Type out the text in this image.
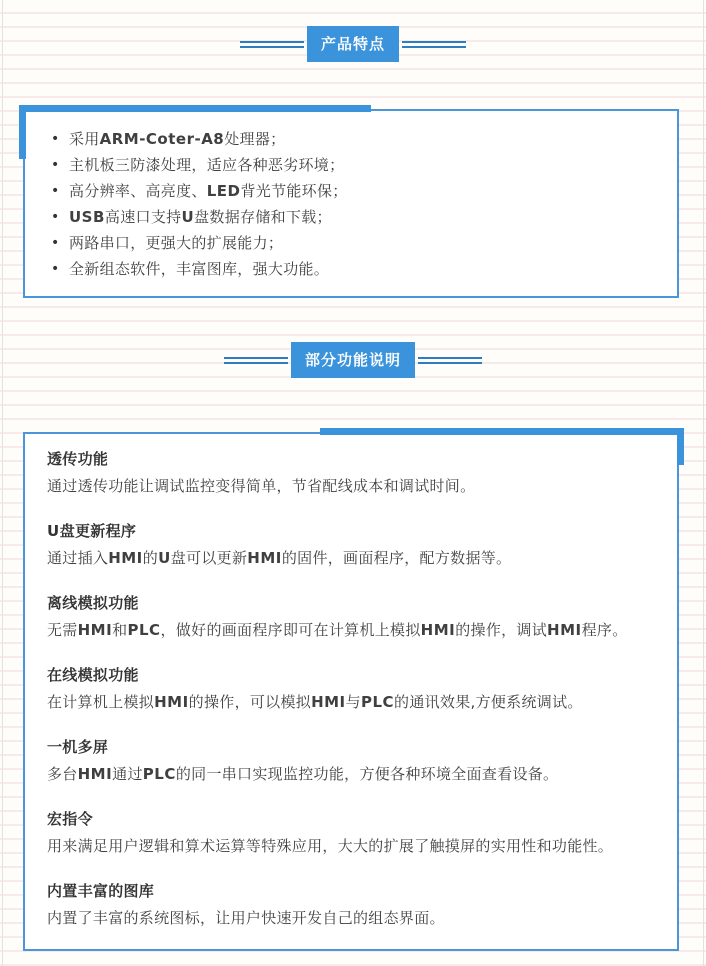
产品特点
• 采用ARM-Coter-A8处理器；
• 主机板三防漆处理，适应各种恶劣环境；
• 高分辨率、高亮度、LED背光节能环保；
• USB高速口支持U盘数据存储和下载；
• 两路串口，更强大的扩展能力；
• 全新组态软件，丰富图库，强大功能。
部分功能说明
透传功能

通过透传功能让调试监控变得简单，节省配线成本和调试时间。

U盘更新程序

通过插入HMI的U盘可以更新HMI的固件，画面程序，配方数据等。

离线模拟功能

无需HMI和PLC，做好的画面程序即可在计算机上模拟HMI的操作，调试HMI程序。

在线模拟功能

在计算机上模拟HMI的操作，可以模拟HMI与PLC的通讯效果,方便系统调试。

一机多屏

多台HMI通过PLC的同一串口实现监控功能，方便各种环境全面查看设备。

宏指令

用来满足用户逻辑和算术运算等特殊应用，大大的扩展了触摸屏的实用性和功能性。

内置丰富的图库

内置了丰富的系统图标，让用户快速开发自己的组态界面。
